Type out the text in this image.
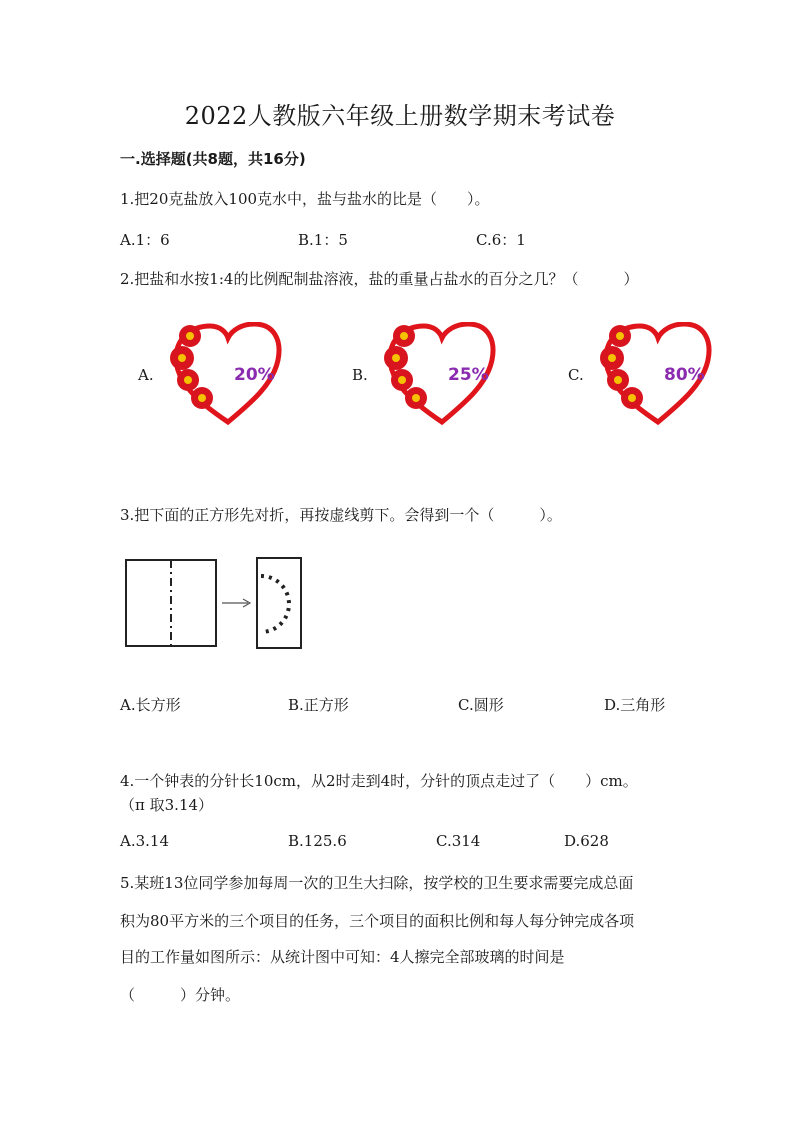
2022人教版六年级上册数学期末考试卷
一.选择题(共8题，共16分)
1.把20克盐放入100克水中，盐与盐水的比是（　　）。
A.1：6	B.1：5	C.6：1
2.把盐和水按1:4的比例配制盐溶液，盐的重量占盐水的百分之几？（　　　）
A.	20%	B.	25%	C.	80%
3.把下面的正方形先对折，再按虚线剪下。会得到一个（　　　）。
A.长方形	B.正方形	C.圆形	D.三角形
4.一个钟表的分针长10cm，从2时走到4时，分针的顶点走过了（　　）cm。
（π 取3.14）
A.3.14	B.125.6	C.314	D.628
5.某班13位同学参加每周一次的卫生大扫除，按学校的卫生要求需要完成总面
积为80平方米的三个项目的任务，三个项目的面积比例和每人每分钟完成各项
目的工作量如图所示：从统计图中可知：4人擦完全部玻璃的时间是
（　　　）分钟。
